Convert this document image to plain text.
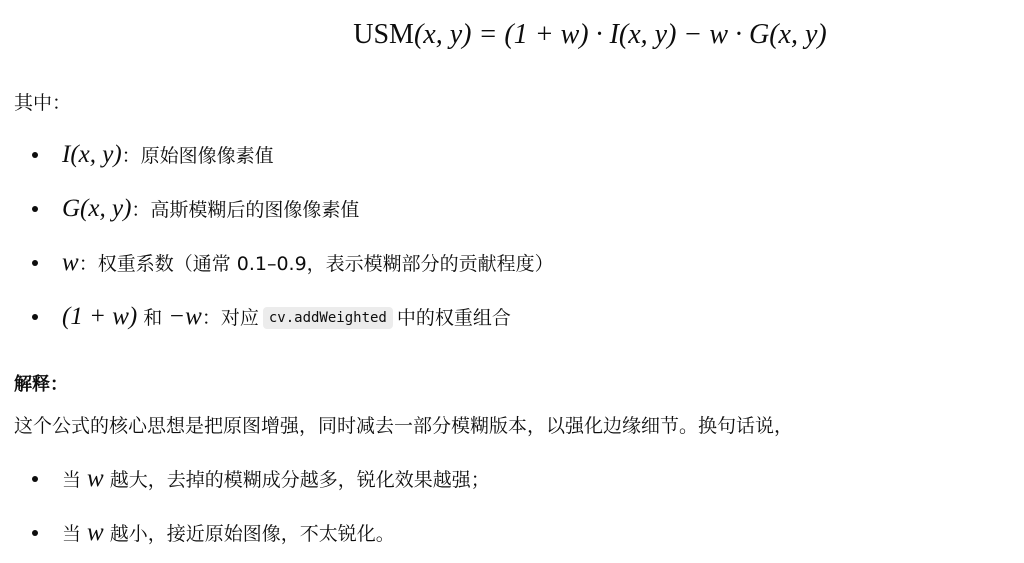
USM(x, y) = (1 + w) · I(x, y) − w · G(x, y)
其中：
I(x, y)：原始图像像素值
G(x, y)：高斯模糊后的图像像素值
w：权重系数（通常 0.1–0.9，表示模糊部分的贡献程度）
(1 + w) 和 −w：对应 cv.addWeighted 中的权重组合
解释：
这个公式的核心思想是把原图增强，同时减去一部分模糊版本，以强化边缘细节。换句话说，
当 w 越大，去掉的模糊成分越多，锐化效果越强；
当 w 越小，接近原始图像，不太锐化。
